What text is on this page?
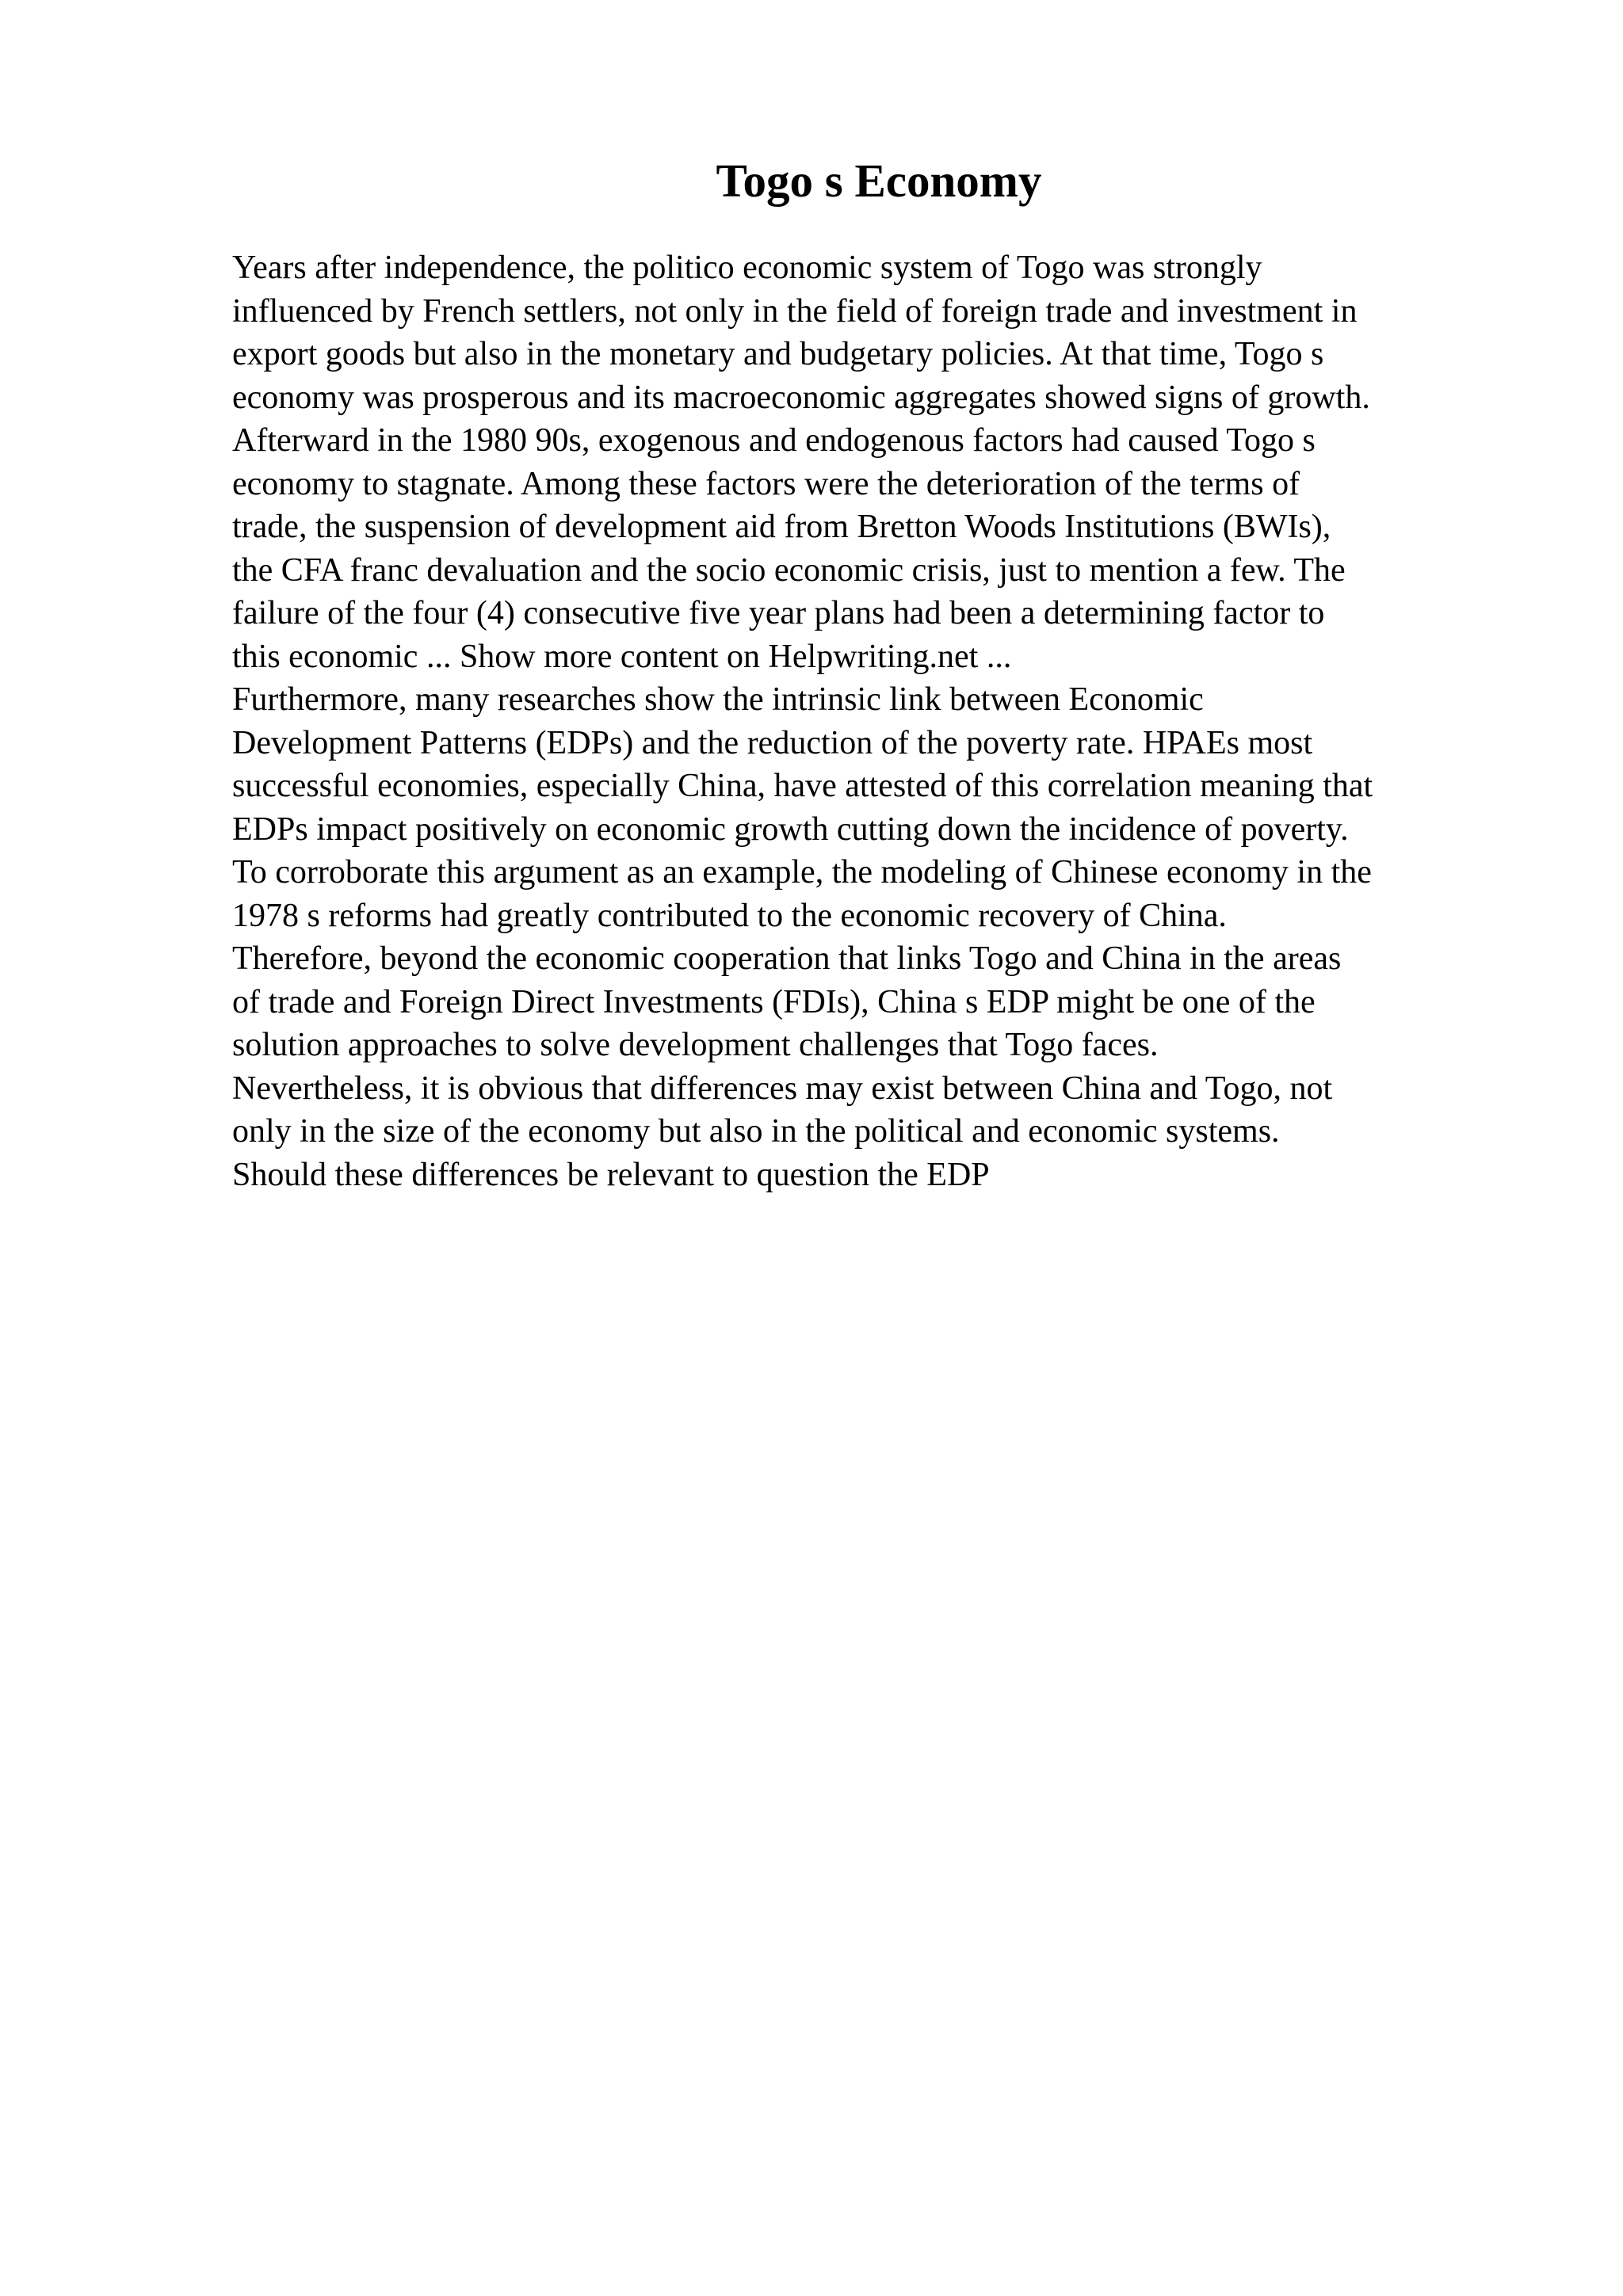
Togo s Economy
Years after independence, the politico economic system of Togo was strongly
influenced by French settlers, not only in the field of foreign trade and investment in
export goods but also in the monetary and budgetary policies. At that time, Togo s
economy was prosperous and its macroeconomic aggregates showed signs of growth.
Afterward in the 1980 90s, exogenous and endogenous factors had caused Togo s
economy to stagnate. Among these factors were the deterioration of the terms of
trade, the suspension of development aid from Bretton Woods Institutions (BWIs),
the CFA franc devaluation and the socio economic crisis, just to mention a few. The
failure of the four (4) consecutive five year plans had been a determining factor to
this economic ... Show more content on Helpwriting.net ...
Furthermore, many researches show the intrinsic link between Economic
Development Patterns (EDPs) and the reduction of the poverty rate. HPAEs most
successful economies, especially China, have attested of this correlation meaning that
EDPs impact positively on economic growth cutting down the incidence of poverty.
To corroborate this argument as an example, the modeling of Chinese economy in the
1978 s reforms had greatly contributed to the economic recovery of China.
Therefore, beyond the economic cooperation that links Togo and China in the areas
of trade and Foreign Direct Investments (FDIs), China s EDP might be one of the
solution approaches to solve development challenges that Togo faces.
Nevertheless, it is obvious that differences may exist between China and Togo, not
only in the size of the economy but also in the political and economic systems.
Should these differences be relevant to question the EDP
